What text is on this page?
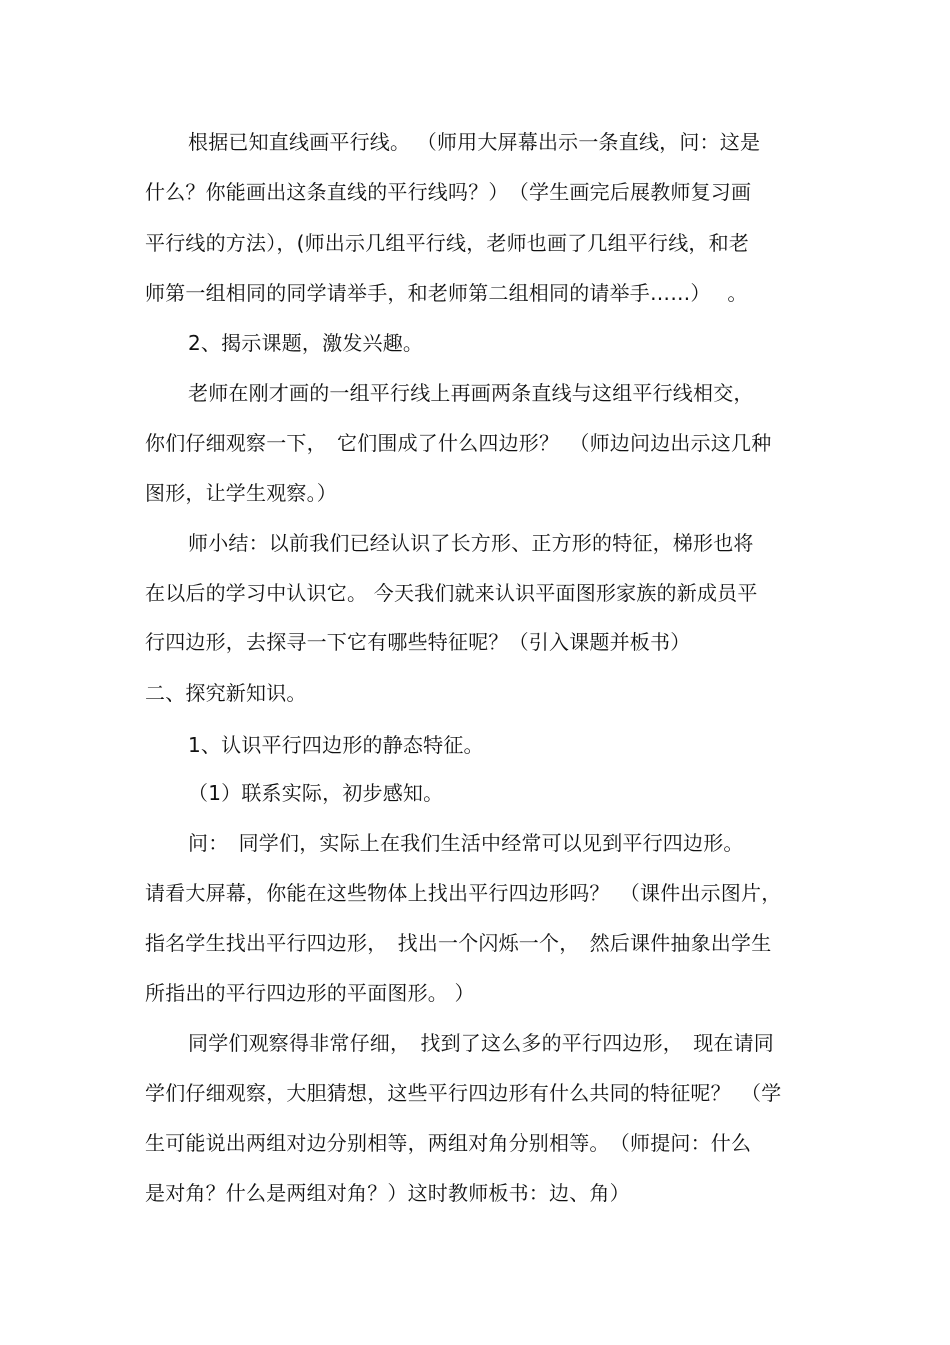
根据已知直线画平行线。 （师用大屏幕出示一条直线，问：这是
什么？你能画出这条直线的平行线吗？）　（学生画完后展教师复习画
平行线的方法），(师出示几组平行线，老师也画了几组平行线，和老
师第一组相同的同学请举手，和老师第二组相同的请举手……）　 。
2、揭示课题，激发兴趣。
老师在刚才画的一组平行线上再画两条直线与这组平行线相交，
你们仔细观察一下，　它们围成了什么四边形？　（师边问边出示这几种
图形，让学生观察。）
师小结：以前我们已经认识了长方形、正方形的特征，梯形也将
在以后的学习中认识它。 今天我们就来认识平面图形家族的新成员平
行四边形，去探寻一下它有哪些特征呢？（引入课题并板书）
二、探究新知识。
1、认识平行四边形的静态特征。
（1）联系实际，初步感知。
问：　同学们，实际上在我们生活中经常可以见到平行四边形。
请看大屏幕，你能在这些物体上找出平行四边形吗？　（课件出示图片，
指名学生找出平行四边形，　找出一个闪烁一个，　然后课件抽象出学生
所指出的平行四边形的平面图形。 ）
同学们观察得非常仔细，　找到了这么多的平行四边形，　现在请同
学们仔细观察，大胆猜想，这些平行四边形有什么共同的特征呢？　（学
生可能说出两组对边分别相等，两组对角分别相等。　（师提问：什么
是对角？什么是两组对角？）这时教师板书：边、角）
